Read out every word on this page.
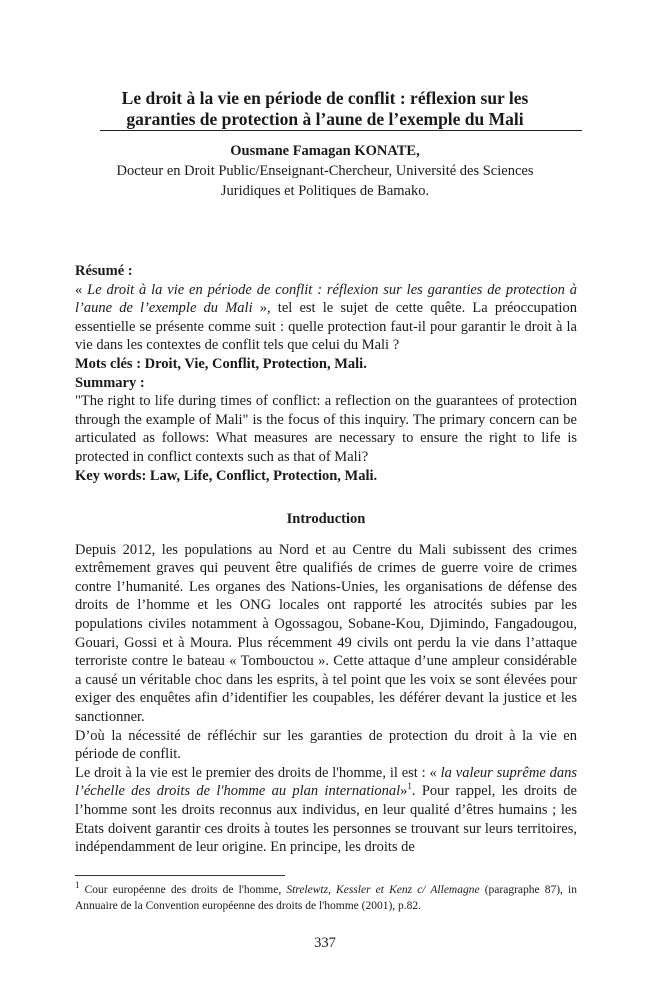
Le droit à la vie en période de conflit : réflexion sur les
garanties de protection à l’aune de l’exemple du Mali
Ousmane Famagan KONATE,
Docteur en Droit Public/Enseignant-Chercheur, Université des Sciences
Juridiques et Politiques de Bamako.

Résumé :

« Le droit à la vie en période de conflit : réflexion sur les garanties de protection à l’aune de l’exemple du Mali », tel est le sujet de cette quête. La préoccupation essentielle se présente comme suit : quelle protection faut-il pour garantir le droit à la vie dans les contextes de conflit tels que celui du Mali ?

Mots clés : Droit, Vie, Conflit, Protection, Mali.

Summary :

"The right to life during times of conflict: a reflection on the guarantees of protection through the example of Mali" is the focus of this inquiry. The primary concern can be articulated as follows: What measures are necessary to ensure the right to life is protected in conflict contexts such as that of Mali?

Key words: Law, Life, Conflict, Protection, Mali.

Introduction

Depuis 2012, les populations au Nord et au Centre du Mali subissent des crimes extrêmement graves qui peuvent être qualifiés de crimes de guerre voire de crimes contre l’humanité. Les organes des Nations-Unies, les organisations de défense des droits de l’homme et les ONG locales ont rapporté les atrocités subies par les populations civiles notamment à Ogossagou, Sobane-Kou, Djimindo, Fangadougou, Gouari, Gossi et à Moura. Plus récemment 49 civils ont perdu la vie dans l’attaque terroriste contre le bateau « Tombouctou ». Cette attaque d’une ampleur considérable a causé un véritable choc dans les esprits, à tel point que les voix se sont élevées pour exiger des enquêtes afin d’identifier les coupables, les déférer devant la justice et les sanctionner.

D’où la nécessité de réfléchir sur les garanties de protection du droit à la vie en période de conflit.

Le droit à la vie est le premier des droits de l'homme, il est : « la valeur suprême dans l’échelle des droits de l'homme au plan international»$^1$. Pour rappel, les droits de l’homme sont les droits reconnus aux individus, en leur qualité d’êtres humains ; les Etats doivent garantir ces droits à toutes les personnes se trouvant sur leurs territoires, indépendamment de leur origine. En principe, les droits de

$^1$ Cour européenne des droits de l'homme, Strelewtz, Kessler et Kenz c/ Allemagne (paragraphe 87), in Annuaire de la Convention européenne des droits de l'homme (2001), p.82.
337
